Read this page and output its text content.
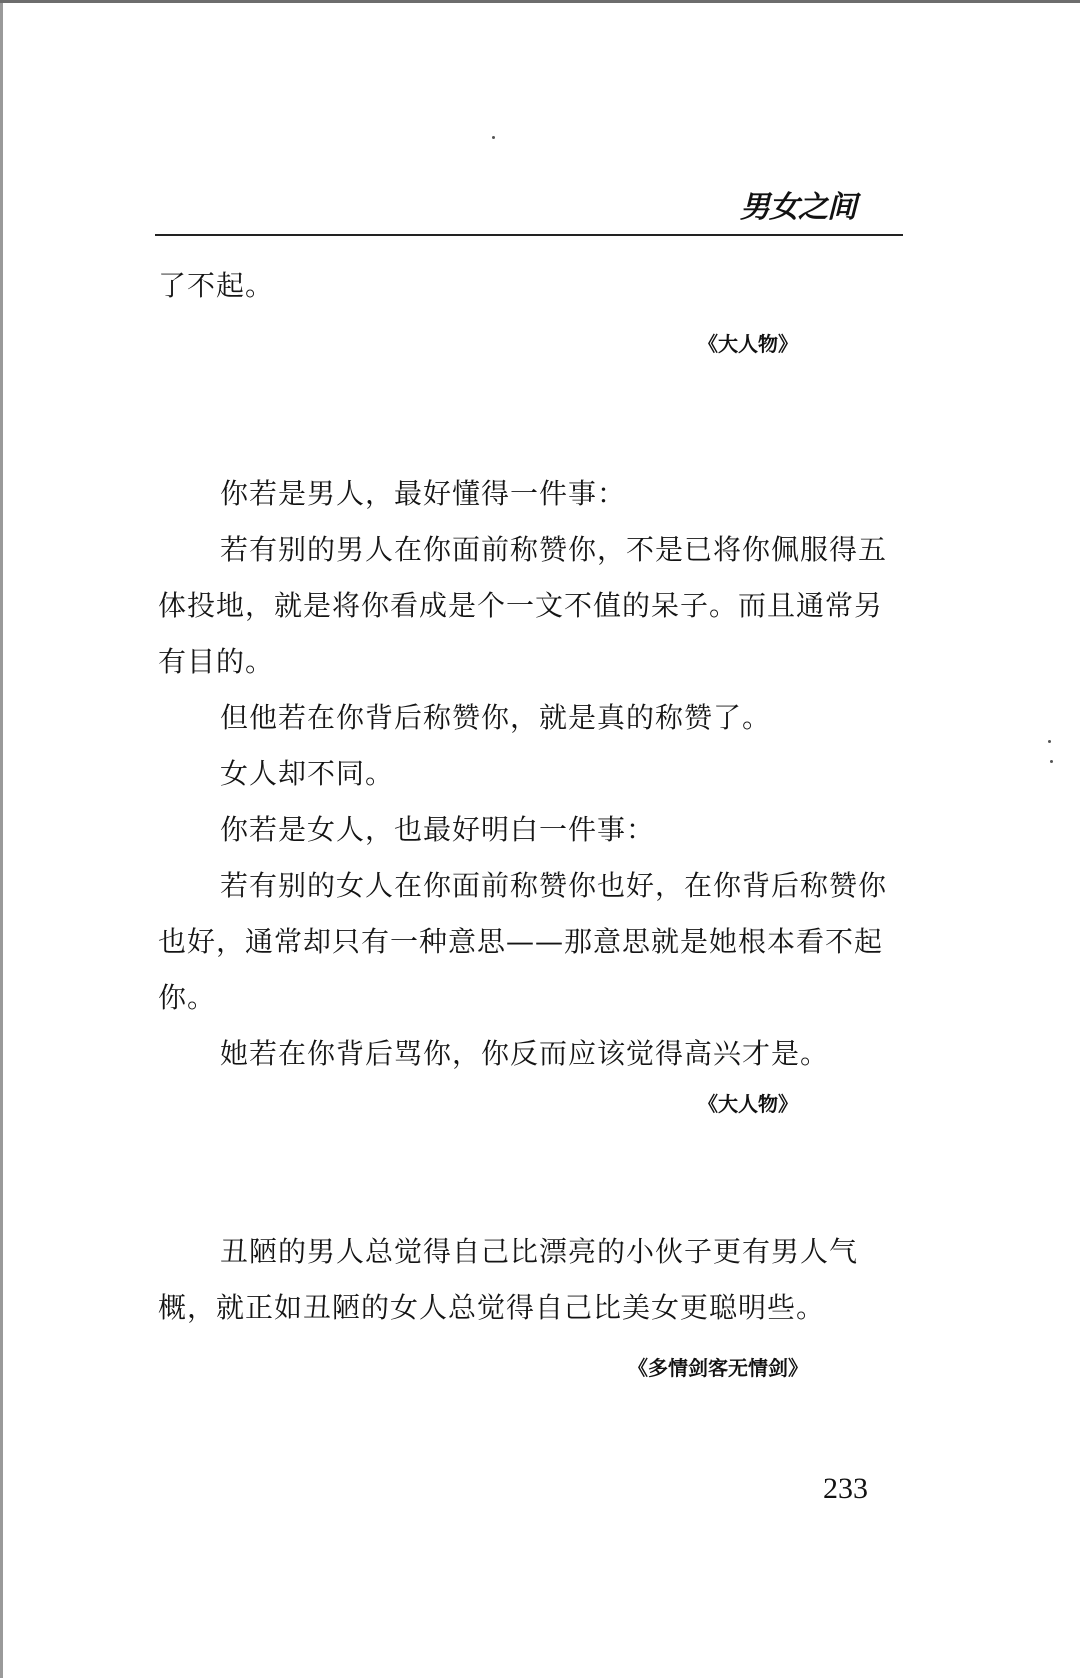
男女之间

了不起。

《大人物》

你若是男人，最好懂得一件事：

若有别的男人在你面前称赞你，不是已将你佩服得五体投地，就是将你看成是个一文不值的呆子。而且通常另有目的。

但他若在你背后称赞你，就是真的称赞了。

女人却不同。

你若是女人，也最好明白一件事：

若有别的女人在你面前称赞你也好，在你背后称赞你也好，通常却只有一种意思——那意思就是她根本看不起你。

她若在你背后骂你，你反而应该觉得高兴才是。

《大人物》

丑陋的男人总觉得自己比漂亮的小伙子更有男人气概，就正如丑陋的女人总觉得自己比美女更聪明些。

《多情剑客无情剑》
233
